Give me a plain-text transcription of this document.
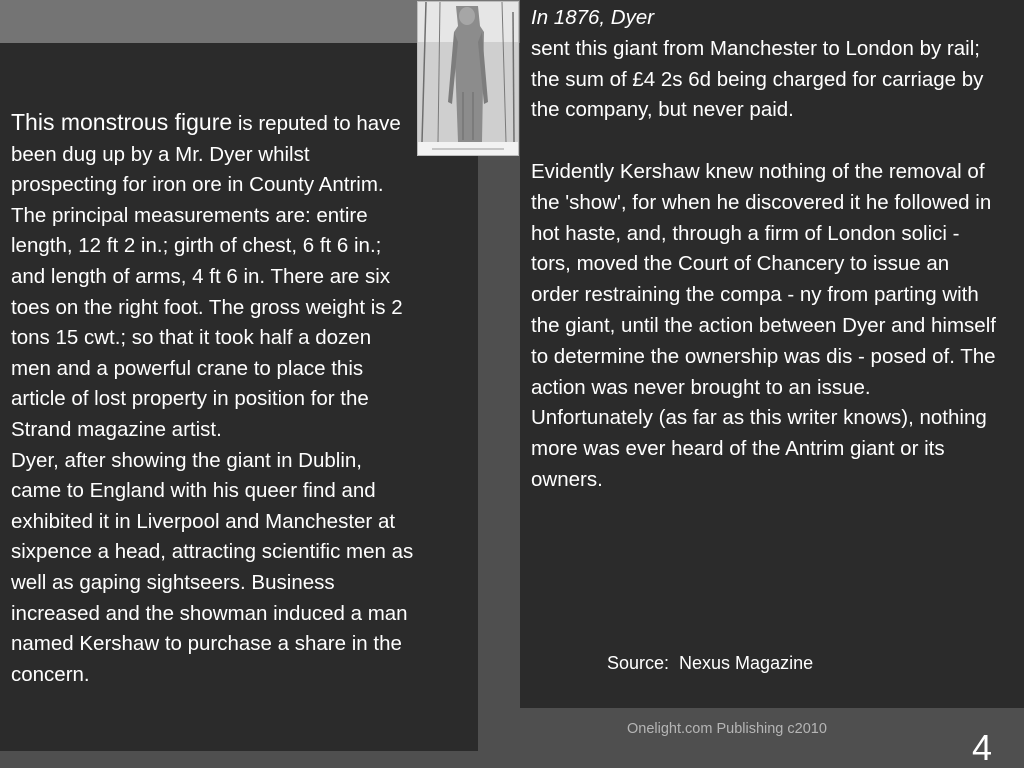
This monstrous figure is reputed to have been dug up by a Mr. Dyer whilst prospecting for iron ore in County Antrim. The principal measurements are: entire length, 12 ft 2 in.; girth of chest, 6 ft 6 in.; and length of arms, 4 ft 6 in. There are six toes on the right foot. The gross weight is 2 tons 15 cwt.; so that it took half a dozen men and a powerful crane to place this article of lost property in position for the Strand magazine artist.

Dyer, after showing the giant in Dublin, came to England with his queer find and exhibited it in Liverpool and Manchester at sixpence a head, attracting scientific men as well as gaping sightseers. Business increased and the showman induced a man named Kershaw to purchase a share in the concern.

In 1876, Dyer

sent this giant from Manchester to London by rail; the sum of £4 2s 6d being charged for carriage by the company, but never paid.

Evidently Kershaw knew nothing of the removal of the 'show', for when he discovered it he followed in hot haste, and, through a firm of London solici - tors, moved the Court of Chancery to issue an order restraining the compa - ny from parting with the giant, until the action between Dyer and himself to determine the ownership was dis - posed of. The action was never brought to an issue.

Unfortunately (as far as this writer knows), nothing more was ever heard of the Antrim giant or its owners.

Source:  Nexus Magazine
Onelight.com Publishing c2010	4
